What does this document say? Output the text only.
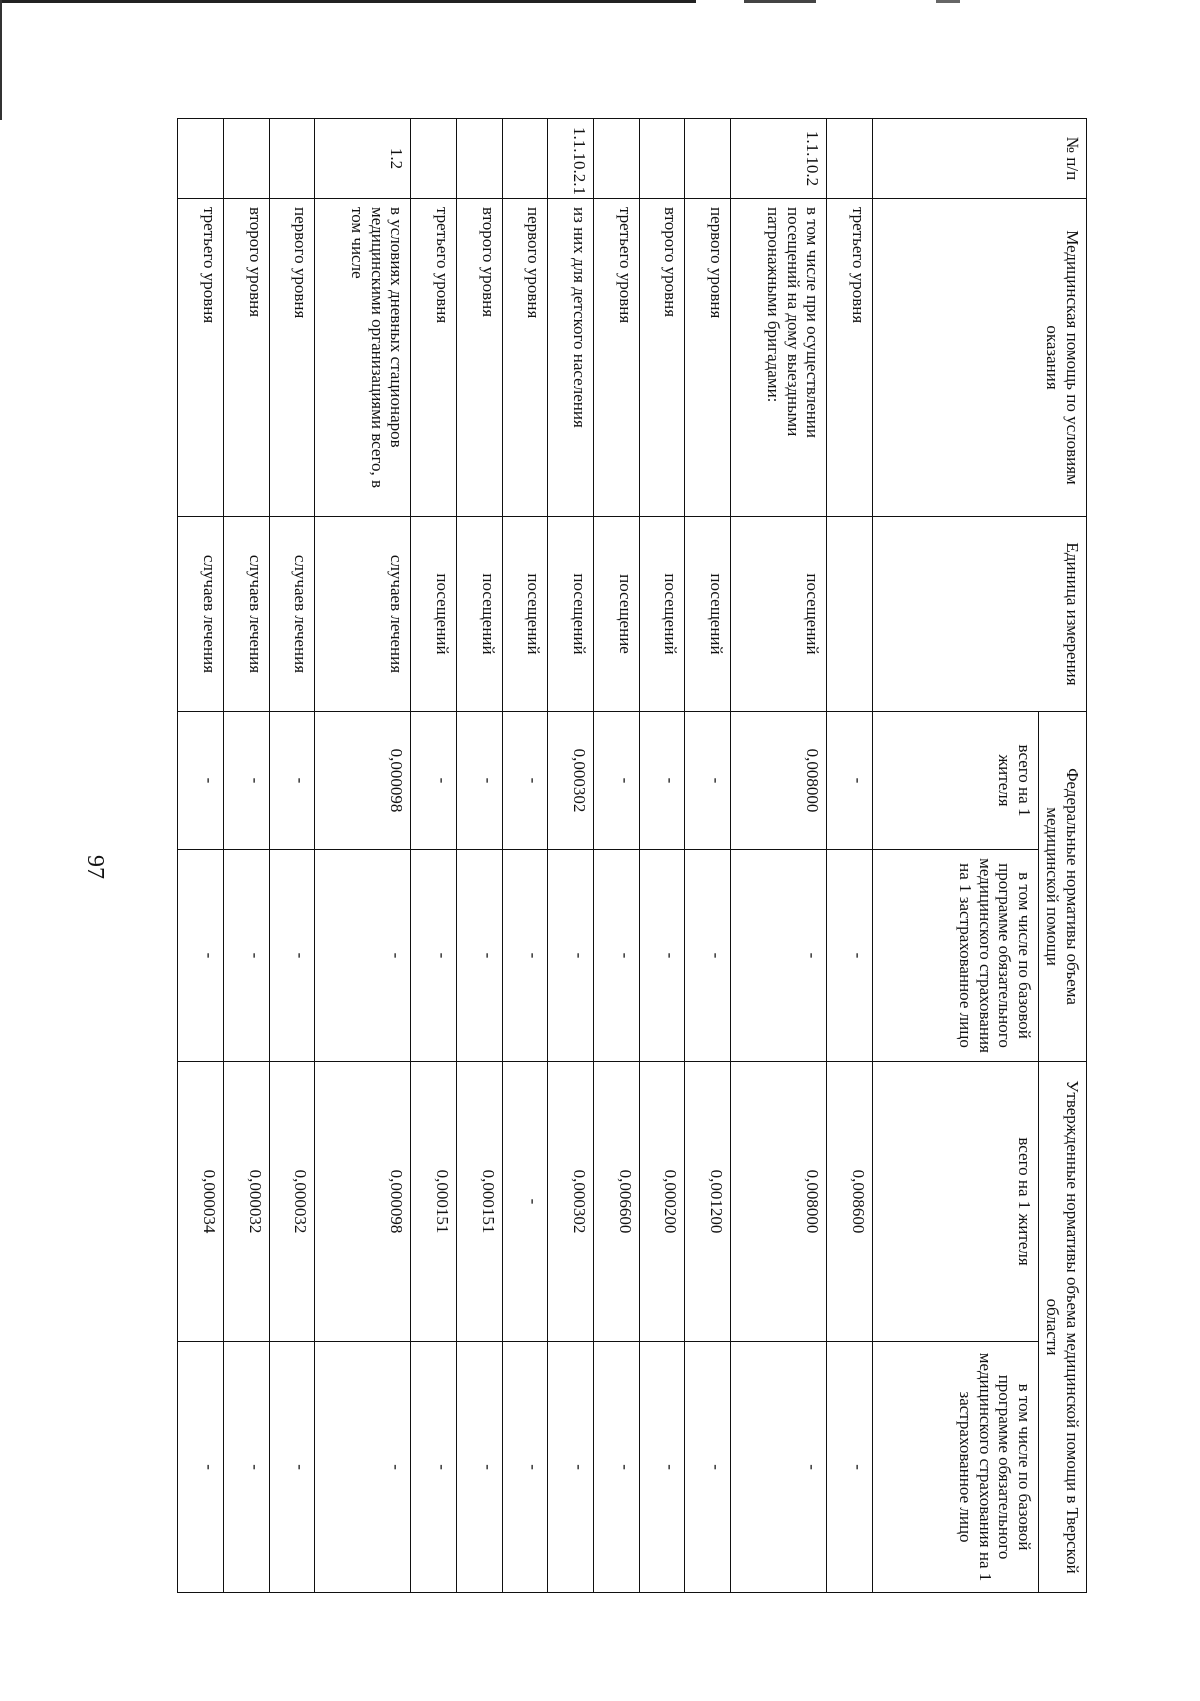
97
№ п/п	Медицинская помощь по условиям оказания	Единица измерения	Федеральные нормативы объема медицинской помощи		Утвержденные нормативы объема медицинской помощи в Тверской области	
			всего на 1 жителя	в том числе по базовой программе обязательного медицинского страхования на 1 застрахованное лицо	всего на 1 жителя	в том числе по базовой программе обязательного медицинского страхования на 1 застрахованное лицо
	третьего уровня		-	-	0,008600	-
1.1.10.2	в том числе при осуществлении посещений на дому выездными патронажными бригадами:	посещений	0,008000	-	0,008000	-
	первого уровня	посещений	-	-	0,001200	-
	второго уровня	посещений	-	-	0,000200	-
	третьего уровня	посещение	-	-	0,006600	-
1.1.10.2.1	из них для детского населения	посещений	0,000302	-	0,000302	-
	первого уровня	посещений	-	-	-	-
	второго уровня	посещений	-	-	0,000151	-
	третьего уровня	посещений	-	-	0,000151	-
1.2	в условиях дневных стационаров медицинскими организациями всего, в том числе	случаев лечения	0,000098	-	0,000098	-
	первого уровня	случаев лечения	-	-	0,000032	-
	второго уровня	случаев лечения	-	-	0,000032	-
	третьего уровня	случаев лечения	-	-	0,000034	-
